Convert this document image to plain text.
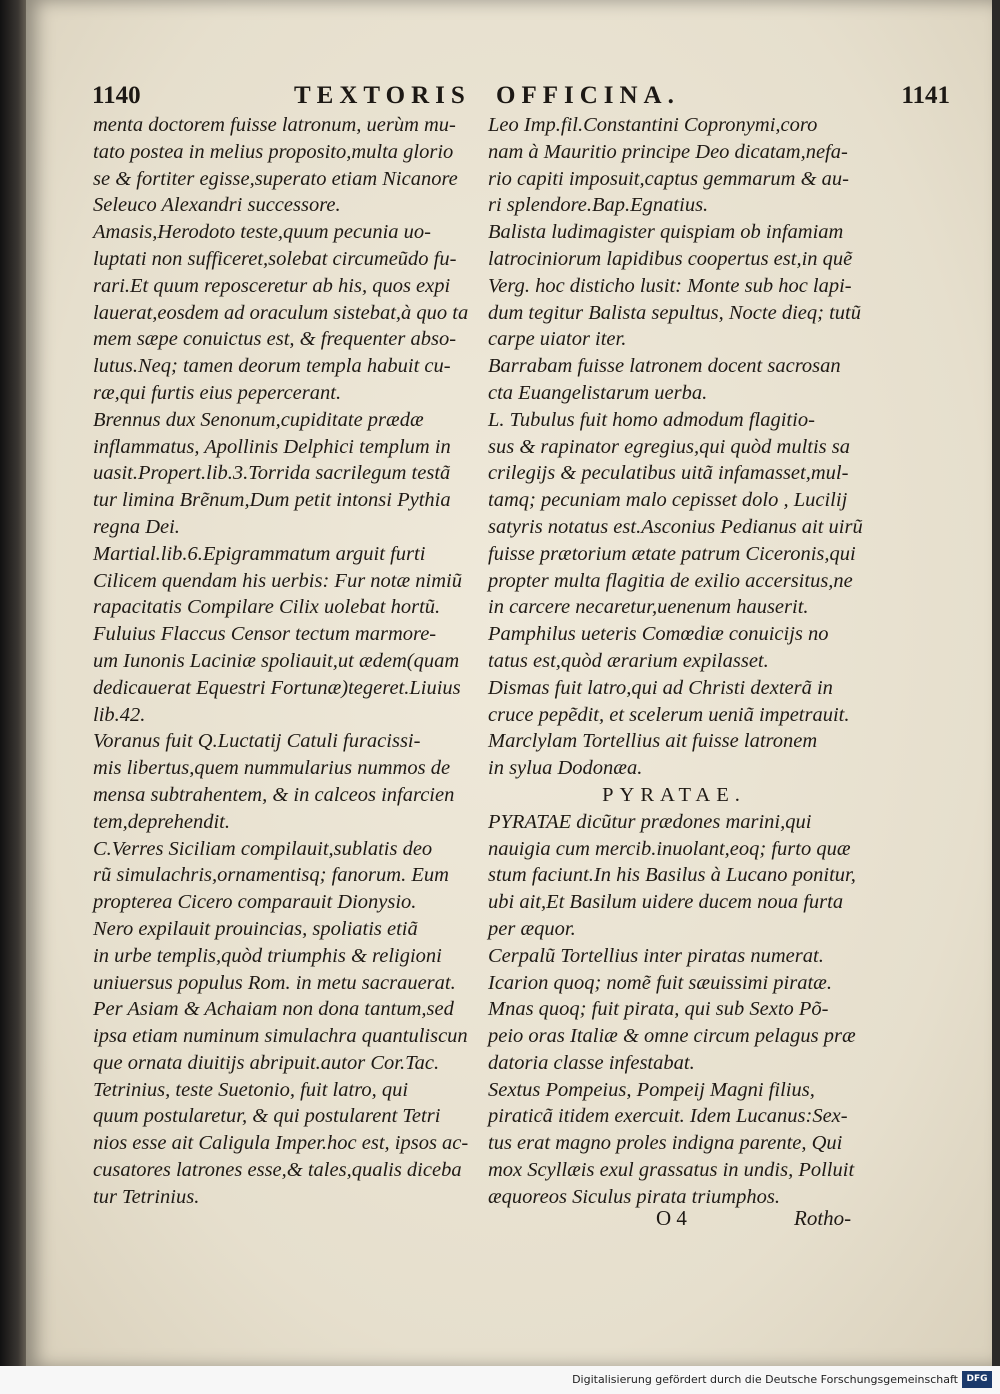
1140	TEXTORIS OFFICINA.	1141
menta doctorem fuisse latronum, uerùm mu-
tato postea in melius proposito,multa glorio
se & fortiter egisse,superato etiam Nicanore
Seleuco Alexandri successore.
Amasis,Herodoto teste,quum pecunia uo-
luptati non sufficeret,solebat circumeũdo fu-
rari.Et quum reposceretur ab his, quos expi
lauerat,eosdem ad oraculum sistebat,à quo ta
mem sæpe conuictus est, & frequenter abso-
lutus.Neq; tamen deorum templa habuit cu-
ræ,qui furtis eius pepercerant.
Brennus dux Senonum,cupiditate prædæ
inflammatus, Apollinis Delphici templum in
uasit.Propert.lib.3.Torrida sacrilegum testã
tur limina Brẽnum,Dum petit intonsi Pythia
regna Dei.
Martial.lib.6.Epigrammatum arguit furti
Cilicem quendam his uerbis: Fur notæ nimiũ
rapacitatis Compilare Cilix uolebat hortũ.
Fuluius Flaccus Censor tectum marmore-
um Iunonis Laciniæ spoliauit,ut ædem(quam
dedicauerat Equestri Fortunæ)tegeret.Liuius
lib.42.
Voranus fuit Q.Luctatij Catuli furacissi-
mis libertus,quem nummularius nummos de
mensa subtrahentem, & in calceos infarcien
tem,deprehendit.
C.Verres Siciliam compilauit,sublatis deo
rũ simulachris,ornamentisq; fanorum. Eum
propterea Cicero comparauit Dionysio.
Nero expilauit prouincias, spoliatis etiã
in urbe templis,quòd triumphis & religioni
uniuersus populus Rom. in metu sacrauerat.
Per Asiam & Achaiam non dona tantum,sed
ipsa etiam numinum simulachra quantuliscun
que ornata diuitijs abripuit.autor Cor.Tac.
Tetrinius, teste Suetonio, fuit latro, qui
quum postularetur, & qui postularent Tetri
nios esse ait Caligula Imper.hoc est, ipsos ac-
cusatores latrones esse,& tales,qualis diceba
tur Tetrinius.
Leo Imp.fil.Constantini Copronymi,coro
nam à Mauritio principe Deo dicatam,nefa-
rio capiti imposuit,captus gemmarum & au-
ri splendore.Bap.Egnatius.
Balista ludimagister quispiam ob infamiam
latrociniorum lapidibus coopertus est,in quẽ
Verg. hoc disticho lusit: Monte sub hoc lapi-
dum tegitur Balista sepultus, Nocte dieq; tutũ
carpe uiator iter.
Barrabam fuisse latronem docent sacrosan
cta Euangelistarum uerba.
L. Tubulus fuit homo admodum flagitio-
sus & rapinator egregius,qui quòd multis sa
crilegijs & peculatibus uitã infamasset,mul-
tamq; pecuniam malo cepisset dolo , Lucilij
satyris notatus est.Asconius Pedianus ait uirũ
fuisse prætorium ætate patrum Ciceronis,qui
propter multa flagitia de exilio accersitus,ne
in carcere necaretur,uenenum hauserit.
Pamphilus ueteris Comœdiæ conuicijs no
tatus est,quòd ærarium expilasset.
Dismas fuit latro,qui ad Christi dexterã in
cruce pepẽdit, et scelerum ueniã impetrauit.
Marclylam Tortellius ait fuisse latronem
in sylua Dodonæa.
PYRATAE.
PYRATAE dicũtur prædones marini,qui
nauigia cum mercib.inuolant,eoq; furto quæ
stum faciunt.In his Basilus à Lucano ponitur,
ubi ait,Et Basilum uidere ducem noua furta
per æquor.
Cerpalũ Tortellius inter piratas numerat.
Icarion quoq; nomẽ fuit sæuissimi piratæ.
Mnas quoq; fuit pirata, qui sub Sexto Põ-
peio oras Italiæ & omne circum pelagus præ
datoria classe infestabat.
Sextus Pompeius, Pompeij Magni filius,
piraticã itidem exercuit. Idem Lucanus:Sex-
tus erat magno proles indigna parente, Qui
mox Scyllæis exul grassatus in undis, Polluit
æquoreos Siculus pirata triumphos.
O 4	Rotho-
Digitalisierung gefördert durch die Deutsche Forschungsgemeinschaft DFG
